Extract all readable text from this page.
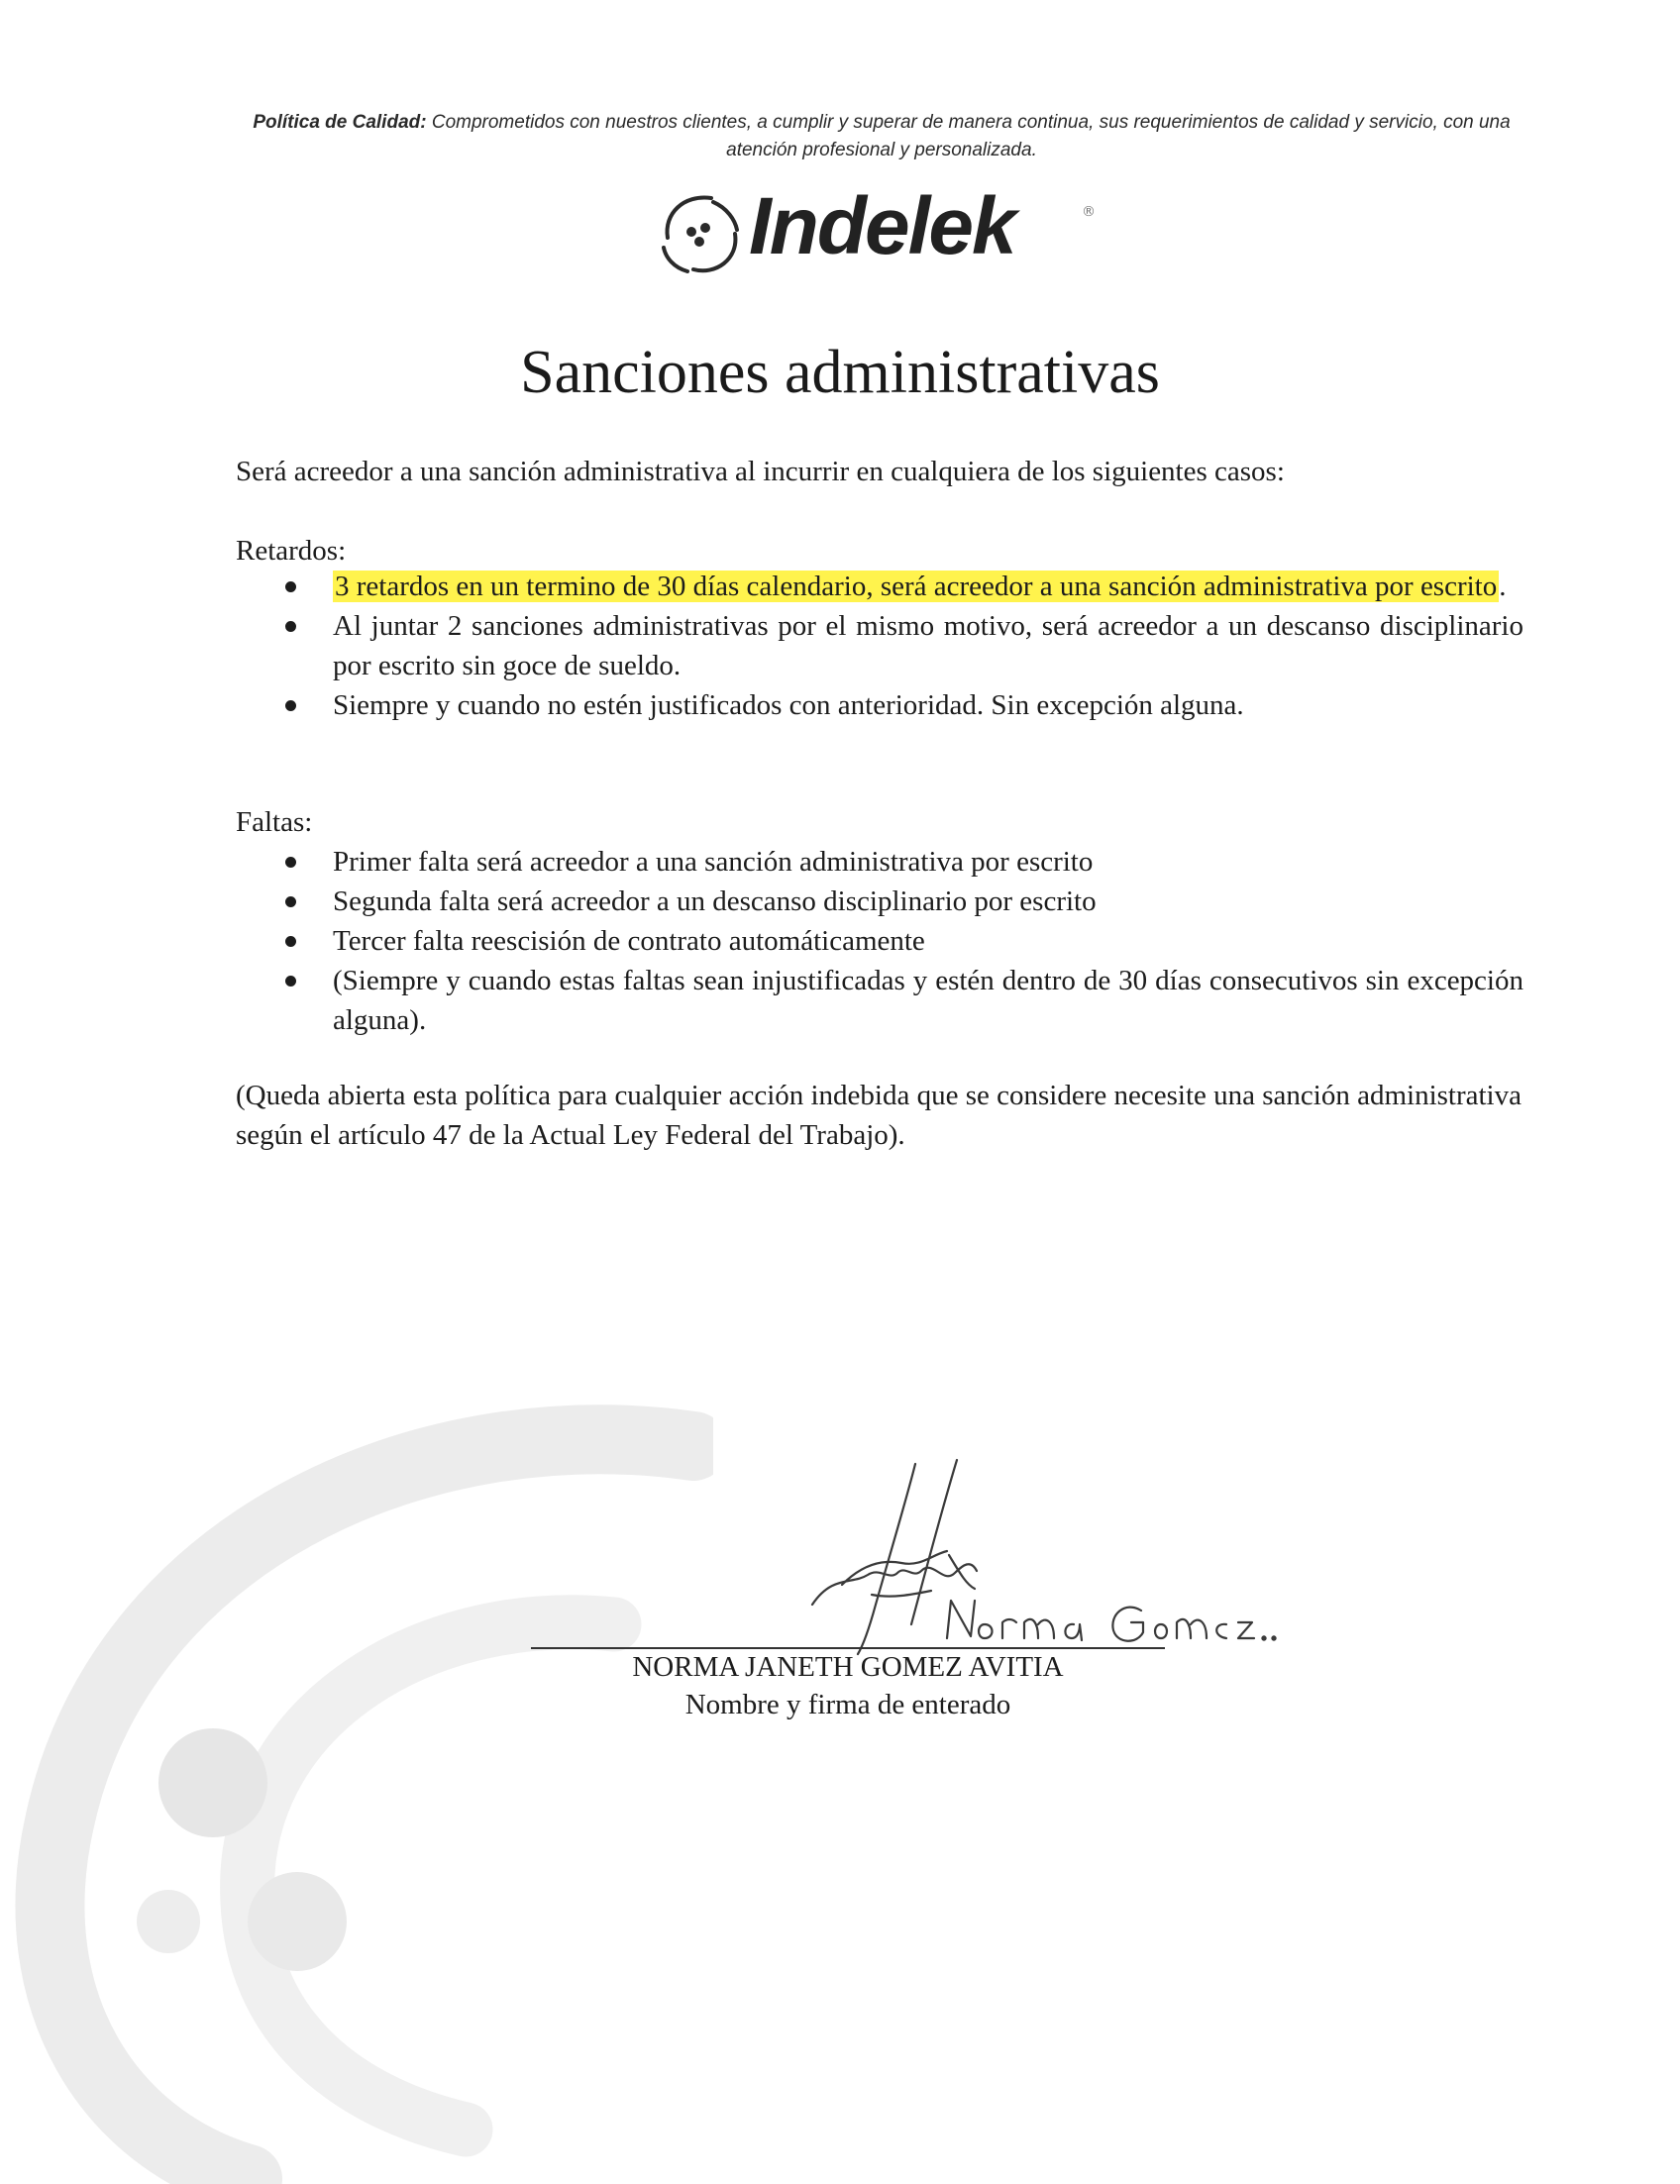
Política de Calidad: Comprometidos con nuestros clientes, a cumplir y superar de manera continua, sus requerimientos de calidad y servicio, con una atención profesional y personalizada.
Indelek	®
Sanciones administrativas
Será acreedor a una sanción administrativa al incurrir en cualquiera de los siguientes casos:
Retardos:
3 retardos en un termino de 30 días calendario, será acreedor a una sanción administrativa por escrito.
Al juntar 2 sanciones administrativas por el mismo motivo, será acreedor a un descanso disciplinario por escrito sin goce de sueldo.
Siempre y cuando no estén justificados con anterioridad. Sin excepción alguna.
Faltas:
Primer falta será acreedor a una sanción administrativa por escrito
Segunda falta será acreedor a un descanso disciplinario por escrito
Tercer falta reescisión de contrato automáticamente
(Siempre y cuando estas faltas sean injustificadas y estén dentro de 30 días consecutivos sin excepción alguna).
(Queda abierta esta política para cualquier acción indebida que se considere necesite una sanción administrativa según el artículo 47 de la Actual Ley Federal del Trabajo).
NORMA JANETH GOMEZ AVITIA
Nombre y firma de enterado
